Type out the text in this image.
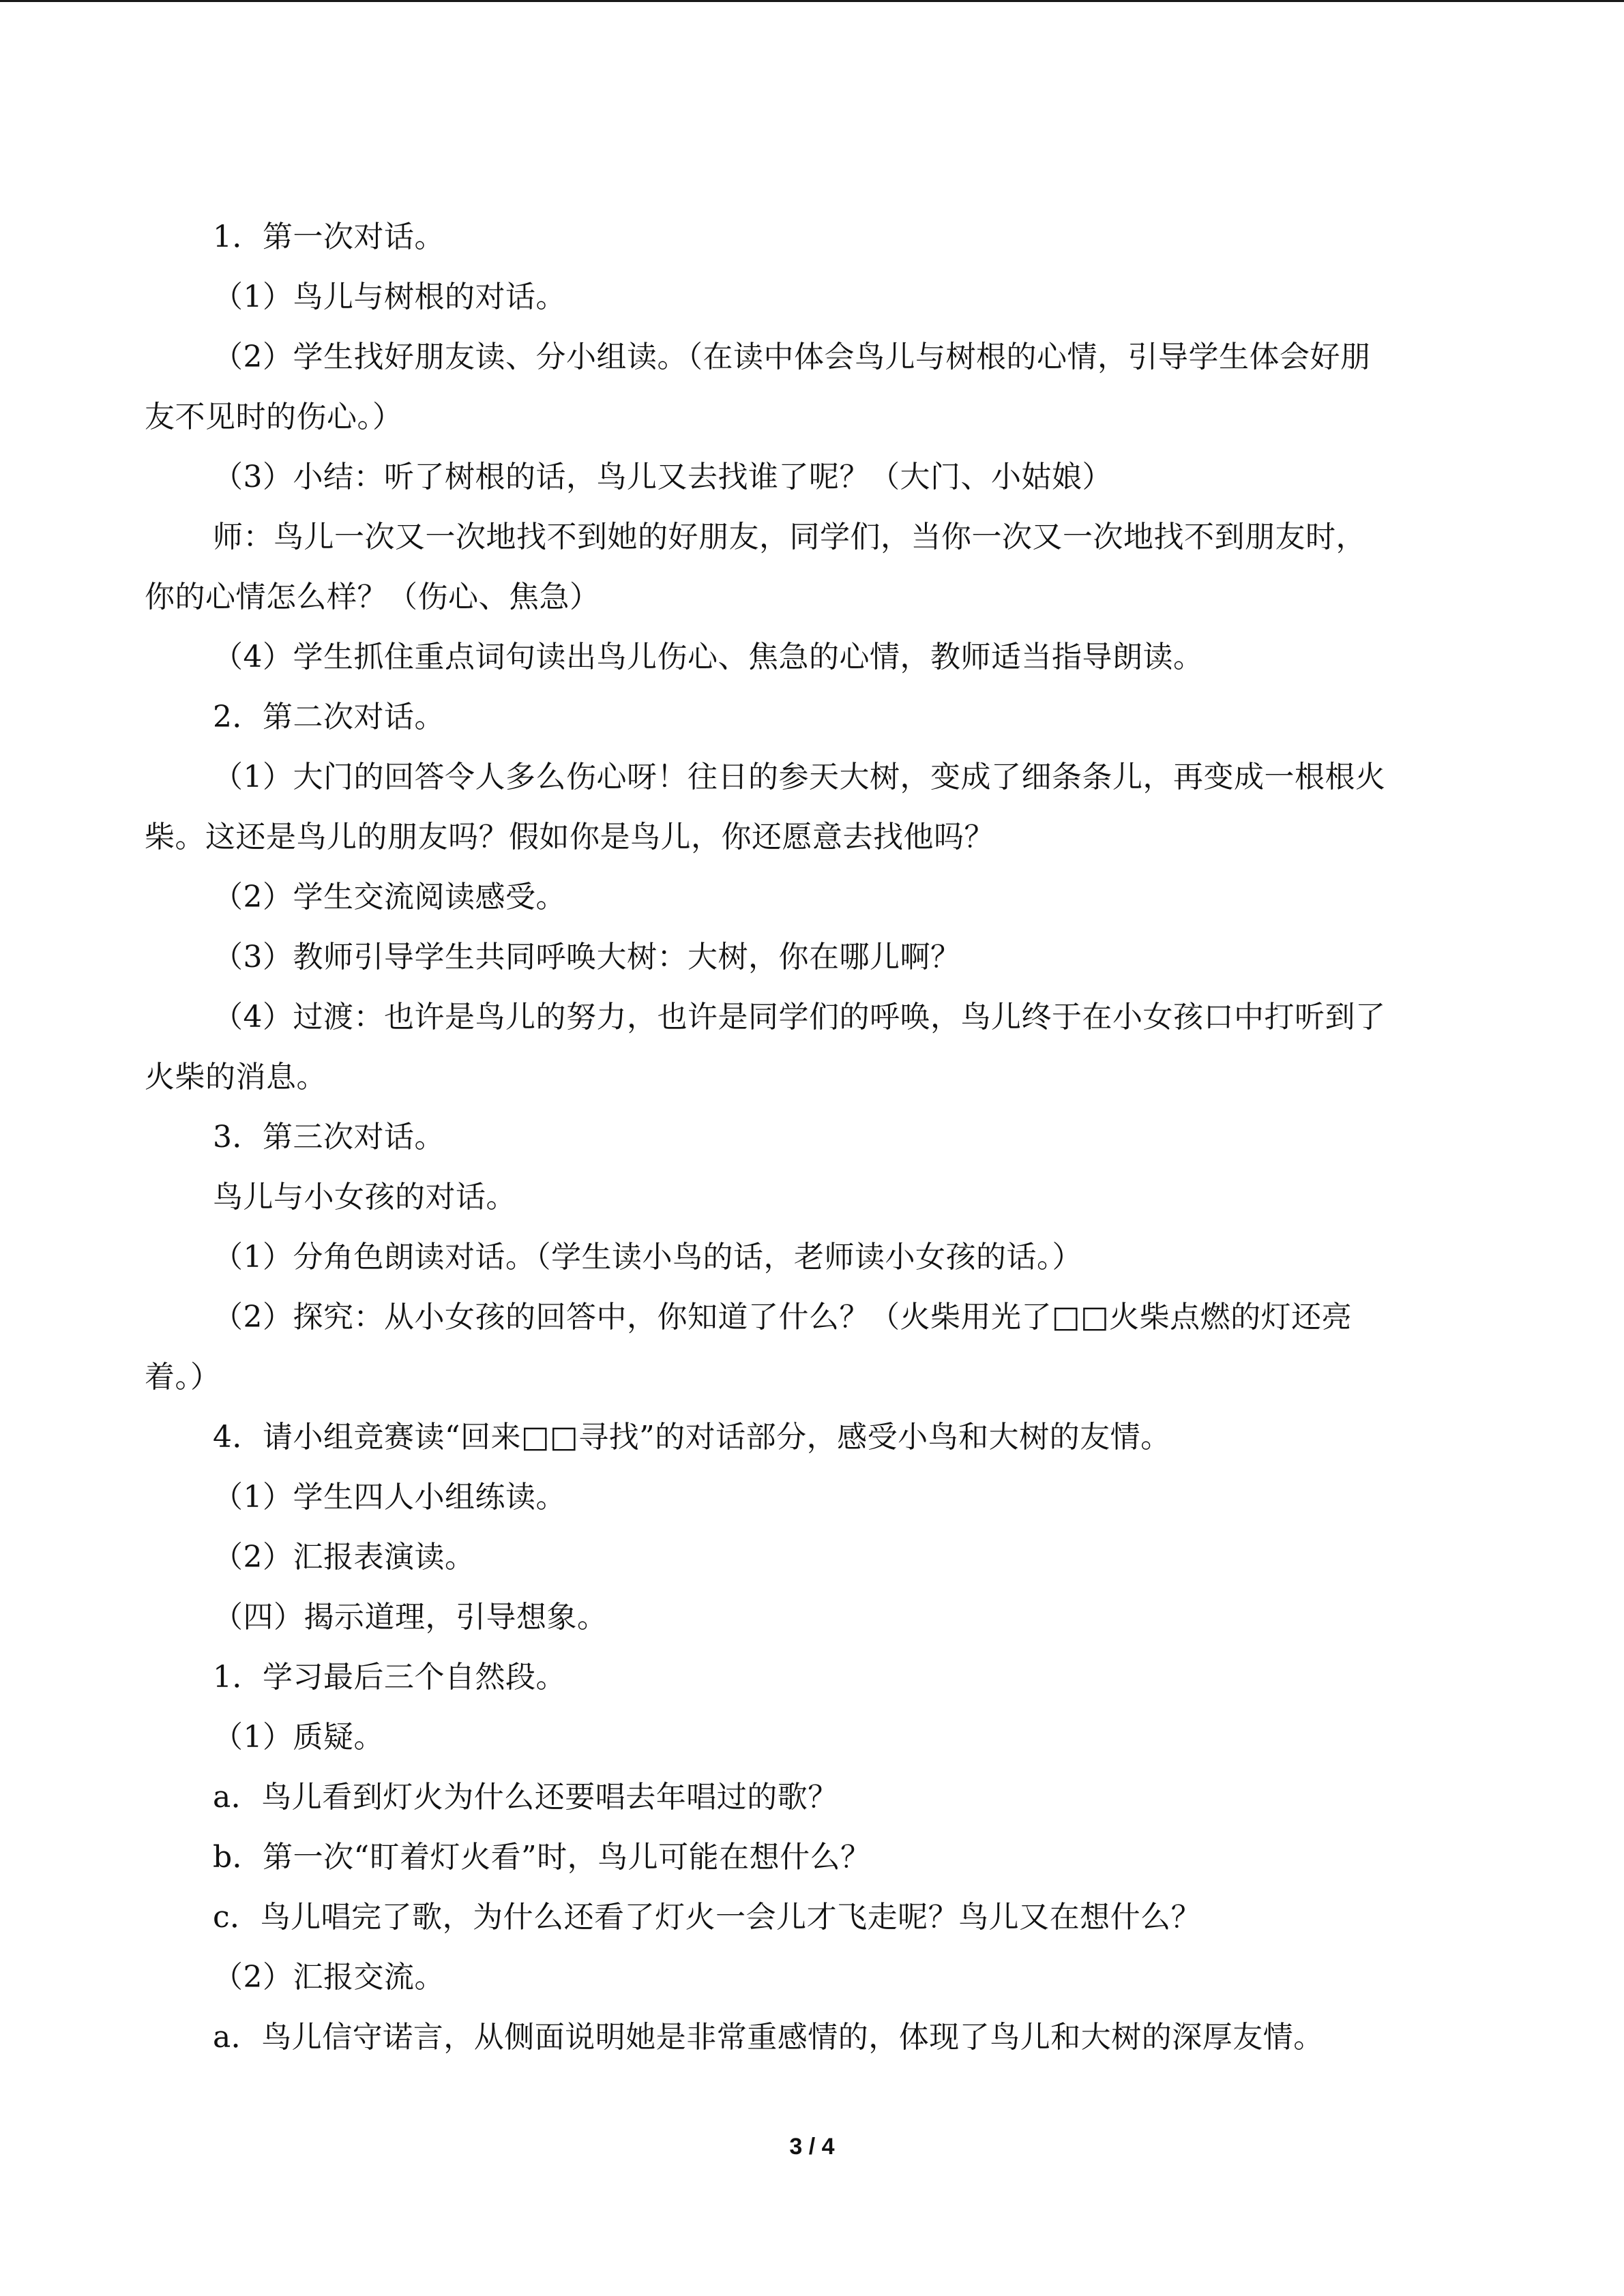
1．第一次对话。
（1）鸟儿与树根的对话。
（2）学生找好朋友读、分小组读。（在读中体会鸟儿与树根的心情，引导学生体会好朋
友不见时的伤心。）
（3）小结：听了树根的话，鸟儿又去找谁了呢？（大门、小姑娘）
师：鸟儿一次又一次地找不到她的好朋友，同学们，当你一次又一次地找不到朋友时，
你的心情怎么样？（伤心、焦急）
（4）学生抓住重点词句读出鸟儿伤心、焦急的心情，教师适当指导朗读。
2．第二次对话。
（1）大门的回答令人多么伤心呀！往日的参天大树，变成了细条条儿，再变成一根根火
柴。这还是鸟儿的朋友吗？假如你是鸟儿，你还愿意去找他吗？
（2）学生交流阅读感受。
（3）教师引导学生共同呼唤大树：大树，你在哪儿啊？
（4）过渡：也许是鸟儿的努力，也许是同学们的呼唤，鸟儿终于在小女孩口中打听到了
火柴的消息。
3．第三次对话。
鸟儿与小女孩的对话。
（1）分角色朗读对话。（学生读小鸟的话，老师读小女孩的话。）
（2）探究：从小女孩的回答中，你知道了什么？（火柴用光了□□火柴点燃的灯还亮
着。）
4．请小组竞赛读“回来□□寻找”的对话部分，感受小鸟和大树的友情。
（1）学生四人小组练读。
（2）汇报表演读。
（四）揭示道理，引导想象。
1．学习最后三个自然段。
（1）质疑。
a．鸟儿看到灯火为什么还要唱去年唱过的歌？
b．第一次“盯着灯火看”时，鸟儿可能在想什么？
c．鸟儿唱完了歌，为什么还看了灯火一会儿才飞走呢？鸟儿又在想什么？
（2）汇报交流。
a．鸟儿信守诺言，从侧面说明她是非常重感情的，体现了鸟儿和大树的深厚友情。
3 / 4
